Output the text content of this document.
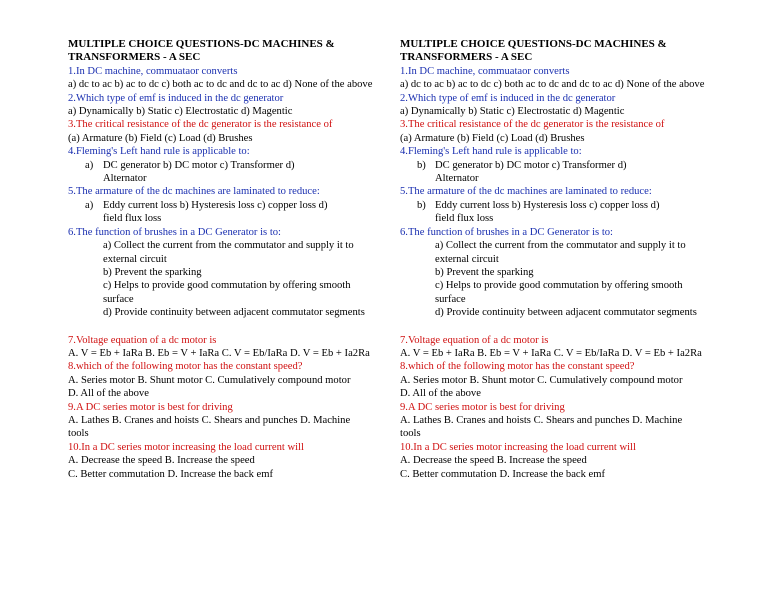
MULTIPLE CHOICE QUESTIONS-DC MACHINES & TRANSFORMERS - A SEC
1.In DC machine, commuataor converts
a) dc to ac b) ac to dc c) both ac to dc and dc to ac d) None of the above
2.Which type of emf is induced in the dc generator
a) Dynamically b) Static c) Electrostatic d) Magentic
3.The critical resistance of the dc generator is the resistance of
(a) Armature (b) Field (c) Load (d) Brushes
4.Fleming's Left hand rule is applicable to:
a) DC generator b) DC motor c) Transformer d)
Alternator
5.The armature of the dc machines are laminated to reduce:
a) Eddy current loss b) Hysteresis loss c) copper loss d)
field flux loss
6.The function of brushes in a DC Generator is to:
a) Collect the current from the commutator and supply it to external circuit
b) Prevent the sparking
c) Helps to provide good commutation by offering smooth surface
d) Provide continuity between adjacent commutator segments
7.Voltage equation of a dc motor is
A. V = Eb + IaRa B. Eb = V + IaRa C. V = Eb/IaRa D. V = Eb + Ia2Ra
8.which of the following motor has the constant speed?
A. Series motor B. Shunt motor C. Cumulatively compound motor
D. All of the above
9.A DC series motor is best for driving
A. Lathes B. Cranes and hoists C. Shears and punches D. Machine tools
10.In a DC series motor increasing the load current will
A. Decrease the speed B. Increase the speed
C. Better commutation D. Increase the back emf
MULTIPLE CHOICE QUESTIONS-DC MACHINES & TRANSFORMERS - A SEC
1.In DC machine, commuataor converts
a) dc to ac b) ac to dc c) both ac to dc and dc to ac d) None of the above
2.Which type of emf is induced in the dc generator
a) Dynamically b) Static c) Electrostatic d) Magentic
3.The critical resistance of the dc generator is the resistance of
(a) Armature (b) Field (c) Load (d) Brushes
4.Fleming's Left hand rule is applicable to:
b) DC generator b) DC motor c) Transformer d)
Alternator
5.The armature of the dc machines are laminated to reduce:
b) Eddy current loss b) Hysteresis loss c) copper loss d)
field flux loss
6.The function of brushes in a DC Generator is to:
a) Collect the current from the commutator and supply it to external circuit
b) Prevent the sparking
c) Helps to provide good commutation by offering smooth surface
d) Provide continuity between adjacent commutator segments
7.Voltage equation of a dc motor is
A. V = Eb + IaRa B. Eb = V + IaRa C. V = Eb/IaRa D. V = Eb + Ia2Ra
8.which of the following motor has the constant speed?
A. Series motor B. Shunt motor C. Cumulatively compound motor
D. All of the above
9.A DC series motor is best for driving
A. Lathes B. Cranes and hoists C. Shears and punches D. Machine tools
10.In a DC series motor increasing the load current will
A. Decrease the speed B. Increase the speed
C. Better commutation D. Increase the back emf
